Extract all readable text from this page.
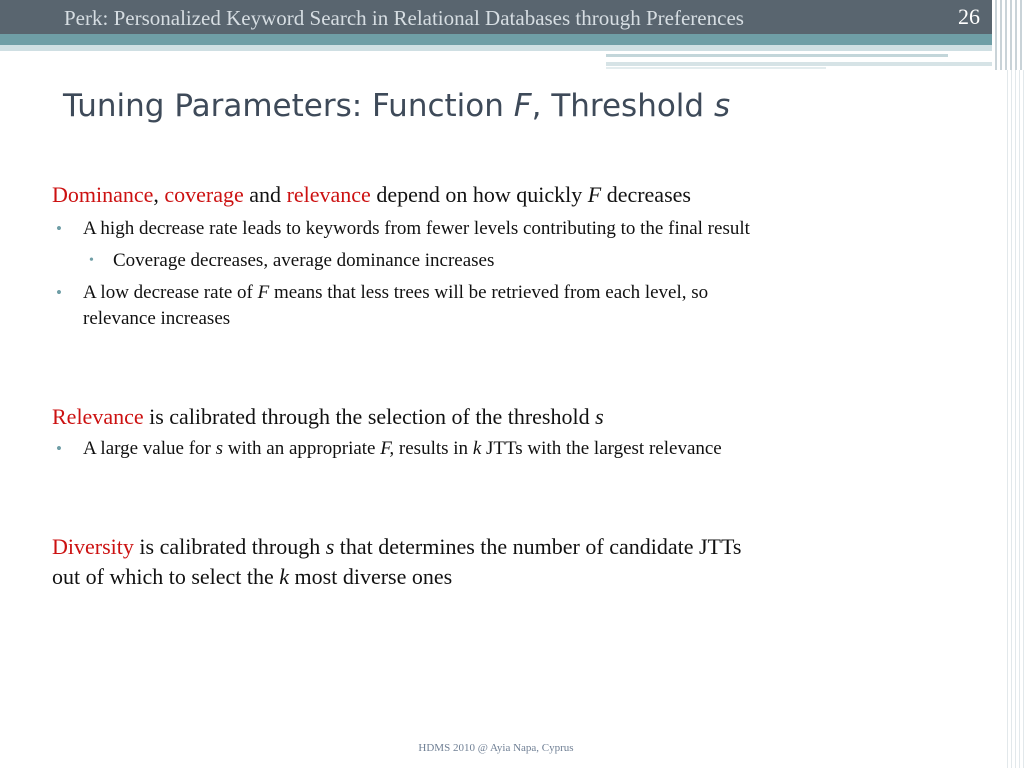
Perk: Personalized Keyword Search in Relational Databases through Preferences	26
Tuning Parameters: Function F, Threshold s

Dominance, coverage and relevance depend on how quickly F decreases

• A high decrease rate leads to keywords from fewer levels contributing to the final result

• Coverage decreases, average dominance increases

• A low decrease rate of F means that less trees will be retrieved from each level, so
relevance increases

Relevance is calibrated through the selection of the threshold s

• A large value for s with an appropriate F, results in k JTTs with the largest relevance

Diversity is calibrated through s that determines the number of candidate JTTs
out of which to select the k most diverse ones

HDMS 2010 @ Ayia Napa, Cyprus
